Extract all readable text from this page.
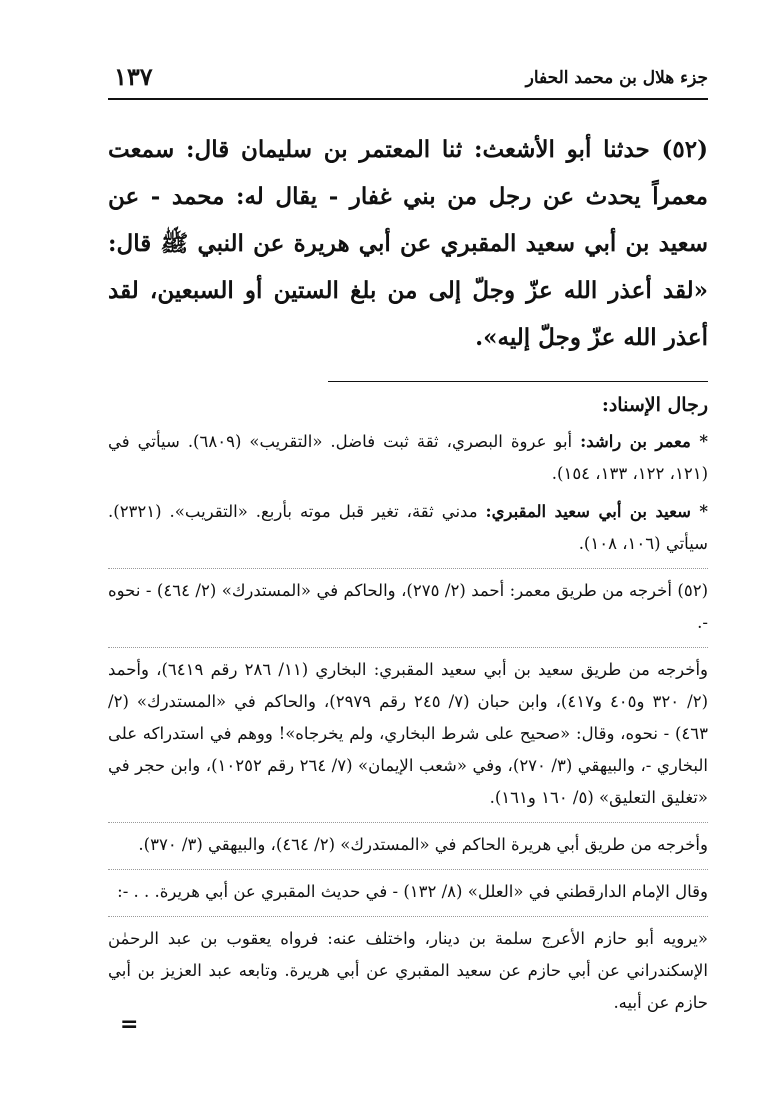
جزء هلال بن محمد الحفار
١٣٧
(٥٢) حدثنا أبو الأشعث: ثنا المعتمر بن سليمان قال: سمعت معمراً يحدث عن رجل من بني غفار - يقال له: محمد - عن سعيد بن أبي سعيد المقبري عن أبي هريرة عن النبي ﷺ قال: «لقد أعذر الله عزّ وجلّ إلى من بلغ الستين أو السبعين، لقد أعذر الله عزّ وجلّ إليه».
رجال الإسناد:
* معمر بن راشد: أبو عروة البصري، ثقة ثبت فاضل. «التقريب» (٦٨٠٩). سيأتي في (١٢١، ١٢٢، ١٣٣، ١٥٤).
* سعيد بن أبي سعيد المقبري: مدني ثقة، تغير قبل موته بأربع. «التقريب». (٢٣٢١). سيأتي (١٠٦، ١٠٨).
(٥٢) أخرجه من طريق معمر: أحمد (٢/ ٢٧٥)، والحاكم في «المستدرك» (٢/ ٤٦٤) - نحوه -.
وأخرجه من طريق سعيد بن أبي سعيد المقبري: البخاري (١١/ ٢٨٦ رقم ٦٤١٩)، وأحمد (٢/ ٣٢٠ و٤٠٥ و٤١٧)، وابن حبان (٧/ ٢٤٥ رقم ٢٩٧٩)، والحاكم في «المستدرك» (٢/ ٤٦٣) - نحوه، وقال: «صحيح على شرط البخاري، ولم يخرجاه»! ووهم في استدراكه على البخاري -، والبيهقي (٣/ ٢٧٠)، وفي «شعب الإيمان» (٧/ ٢٦٤ رقم ١٠٢٥٢)، وابن حجر في «تغليق التعليق» (٥/ ١٦٠ و١٦١).
وأخرجه من طريق أبي هريرة الحاكم في «المستدرك» (٢/ ٤٦٤)، والبيهقي (٣/ ٣٧٠).
وقال الإمام الدارقطني في «العلل» (٨/ ١٣٢) - في حديث المقبري عن أبي هريرة. . . -:
«يرويه أبو حازم الأعرج سلمة بن دينار، واختلف عنه: فرواه يعقوب بن عبد الرحمٰن الإسكندراني عن أبي حازم عن سعيد المقبري عن أبي هريرة. وتابعه عبد العزيز بن أبي حازم عن أبيه.
=
